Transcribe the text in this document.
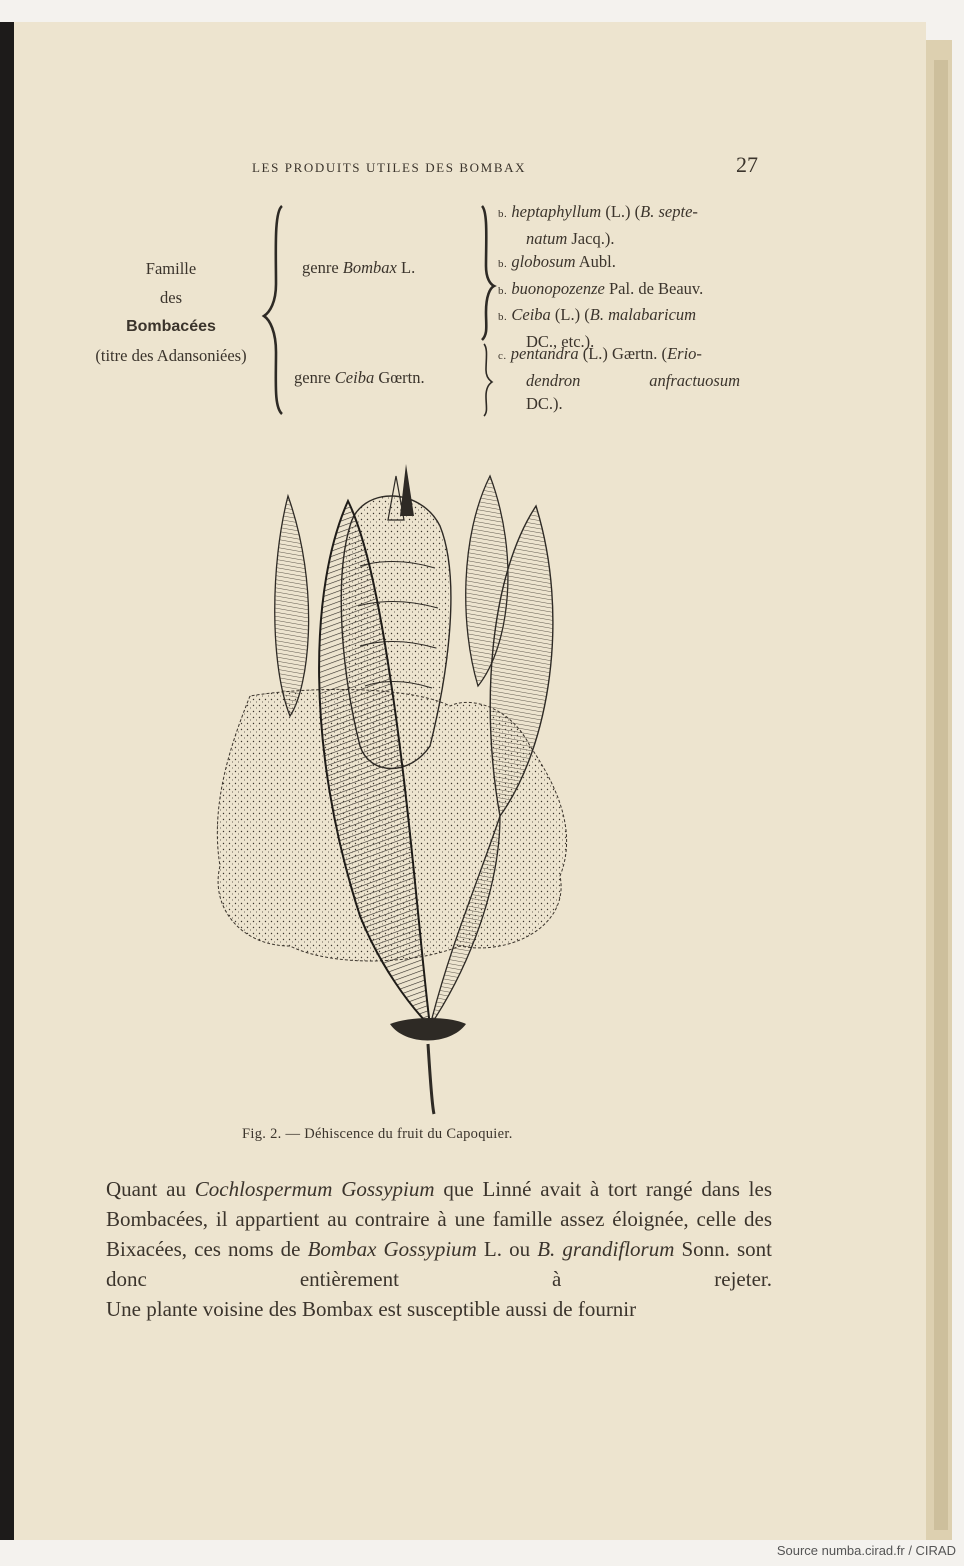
LES PRODUITS UTILES DES BOMBAX	27
Famille
des
Bombacées
(titre des Adansoniées)
genre Bombax L.
genre Ceiba Gœrtn.
b. heptaphyllum (L.) (B. septe-
natum Jacq.).
b. globosum Aubl.
b. buonopozenze Pal. de Beauv.
b. Ceiba (L.) (B. malabaricum
DC., etc.).
c. pentandra (L.) Gærtn. (Erio-
dendron	anfractuosum
DC.).
Fig. 2. — Déhiscence du fruit du Capoquier.

Quant au Cochlospermum Gossypium que Linné avait à tort rangé dans les Bombacées, il appartient au contraire à une famille assez éloignée, celle des Bixacées, ces noms de Bombax Gossypium L. ou B. grandiflorum Sonn. sont donc entièrement à rejeter.

Une plante voisine des Bombax est susceptible aussi de fournir

Source numba.cirad.fr / CIRAD
